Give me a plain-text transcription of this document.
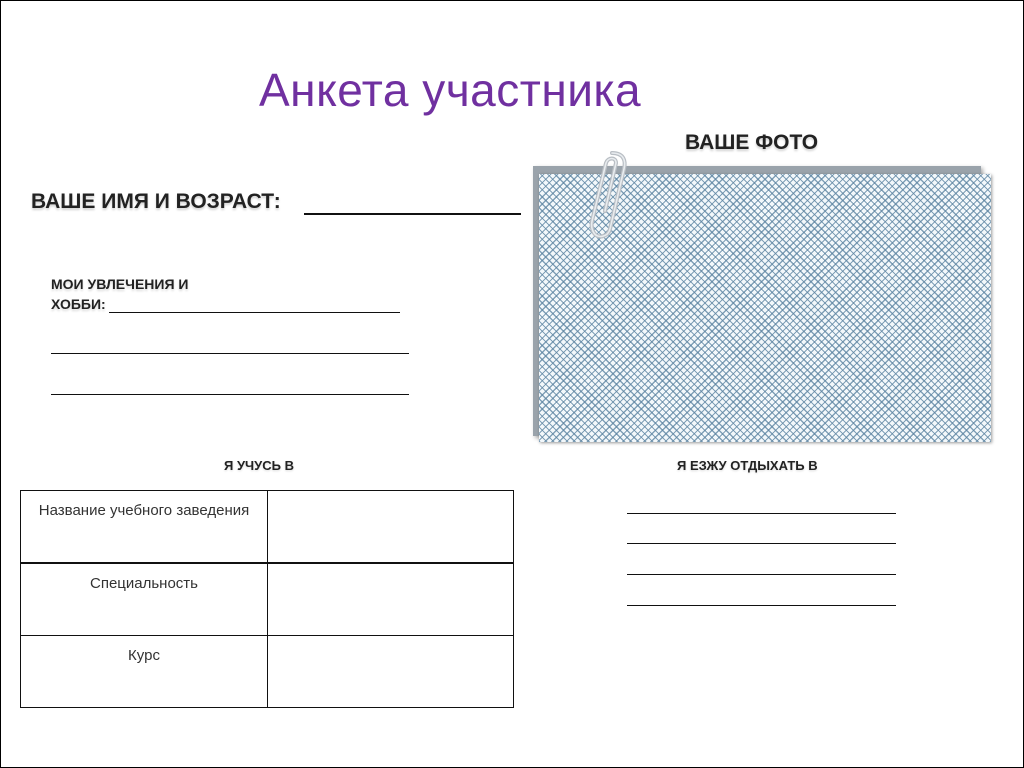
Анкета участника
ВАШЕ ФОТО
ВАШЕ ИМЯ И ВОЗРАСТ:
МОИ УВЛЕЧЕНИЯ И
ХОББИ:
Я УЧУСЬ В	Я ЕЗЖУ ОТДЫХАТЬ В
Название учебного заведения	
Специальность	
Курс	
